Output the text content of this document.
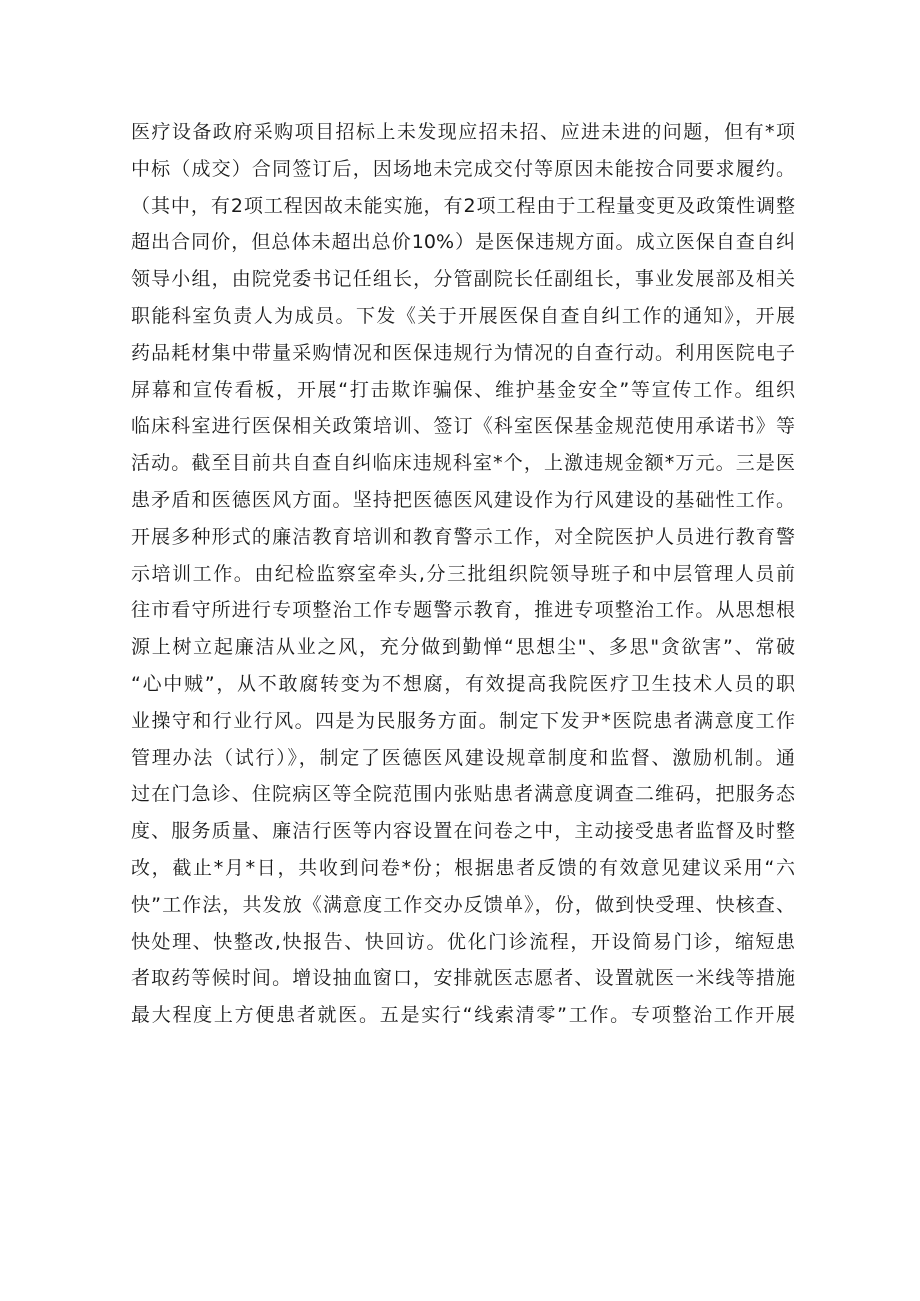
医疗设备政府采购项目招标上未发现应招未招、应进未进的问题，但有*项
中标（成交）合同签订后，因场地未完成交付等原因未能按合同要求履约。
（其中，有2项工程因故未能实施，有2项工程由于工程量变更及政策性调整
超出合同价，但总体未超出总价10%）是医保违规方面。成立医保自查自纠
领导小组，由院党委书记任组长，分管副院长任副组长，事业发展部及相关
职能科室负责人为成员。下发《关于开展医保自查自纠工作的通知》，开展
药品耗材集中带量采购情况和医保违规行为情况的自查行动。利用医院电子
屏幕和宣传看板，开展“打击欺诈骗保、维护基金安全”等宣传工作。组织
临床科室进行医保相关政策培训、签订《科室医保基金规范使用承诺书》等
活动。截至目前共自查自纠临床违规科室*个，上激违规金额*万元。三是医
患矛盾和医德医风方面。坚持把医德医风建设作为行风建设的基础性工作。
开展多种形式的廉洁教育培训和教育警示工作，对全院医护人员进行教育警
示培训工作。由纪检监察室牵头,分三批组织院领导班子和中层管理人员前
往市看守所进行专项整治工作专题警示教育，推进专项整治工作。从思想根
源上树立起廉洁从业之风，充分做到勤惮“思想尘"、多思"贪欲害”、常破
“心中贼”，从不敢腐转变为不想腐，有效提高我院医疗卫生技术人员的职
业操守和行业行风。四是为民服务方面。制定下发尹*医院患者满意度工作
管理办法（试行）》，制定了医德医风建设规章制度和监督、激励机制。通
过在门急诊、住院病区等全院范围内张贴患者满意度调查二维码，把服务态
度、服务质量、廉洁行医等内容设置在问卷之中，主动接受患者监督及时整
改，截止*月*日，共收到问卷*份；根据患者反馈的有效意见建议采用“六
快”工作法，共发放《满意度工作交办反馈单》，份，做到快受理、快核查、
快处理、快整改,快报告、快回访。优化门诊流程，开设简易门诊，缩短患
者取药等候时间。增设抽血窗口，安排就医志愿者、设置就医一米线等措施
最大程度上方便患者就医。五是实行“线索清零”工作。专项整治工作开展
